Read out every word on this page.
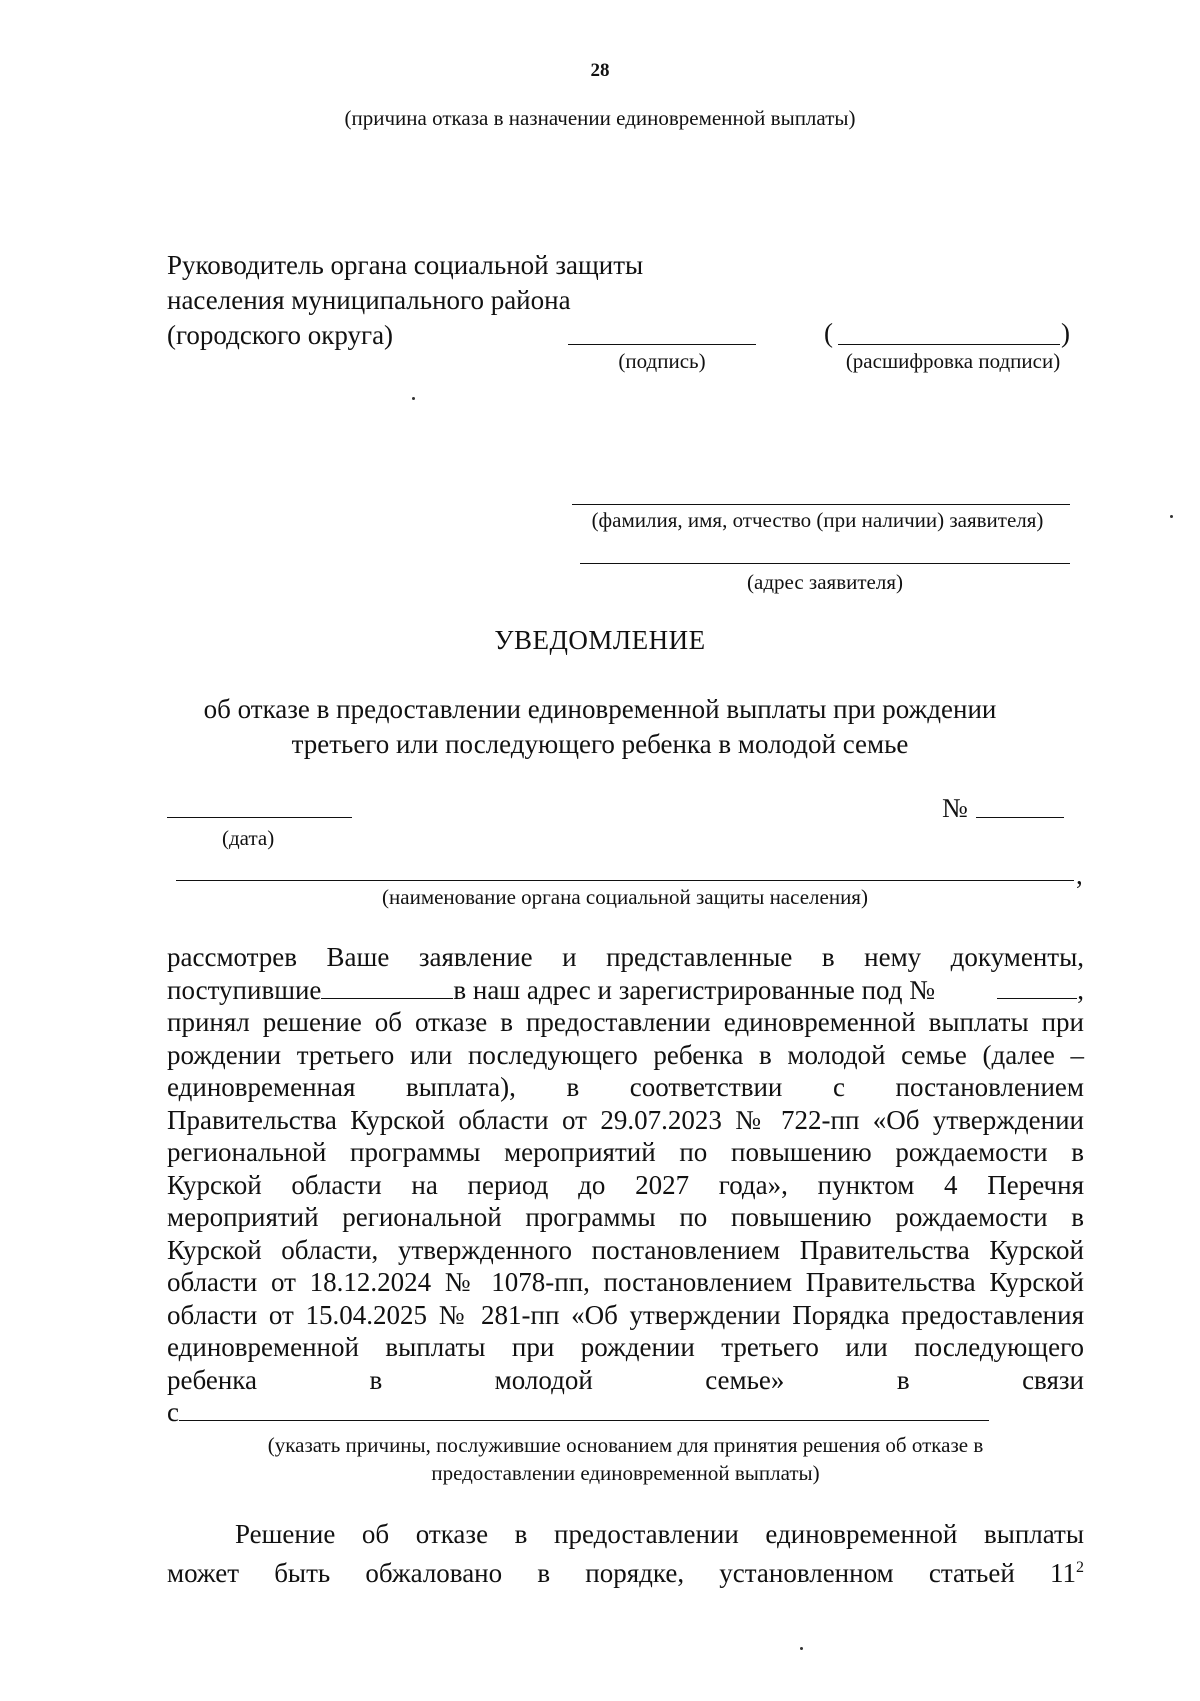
28
(причина отказа в назначении единовременной выплаты)
Руководитель органа социальной защиты
населения муниципального района
(городского округа)
(подпись)
(	)
(расшифровка подписи)
(фамилия, имя, отчество (при наличии) заявителя)
(адрес заявителя)
УВЕДОМЛЕНИЕ
об отказе в предоставлении единовременной выплаты при рождении
третьего или последующего ребенка в молодой семье
(дата)
№
,
(наименование органа социальной защиты населения)

рассмотрев Ваше заявление и представленные в нему документы,

поступившие	в наш адрес и зарегистрированные под №	,

принял решение об отказе в предоставлении единовременной выплаты при

рождении третьего или последующего ребенка в молодой семье (далее –

единовременная выплата), в соответствии с постановлением

Правительства Курской области от 29.07.2023 № 722-пп «Об утверждении

региональной программы мероприятий по повышению рождаемости в

Курской области на период до 2027 года», пунктом 4 Перечня

мероприятий региональной программы по повышению рождаемости в

Курской области, утвержденного постановлением Правительства Курской

области от 18.12.2024 № 1078-пп, постановлением Правительства Курской

области от 15.04.2025 № 281-пп «Об утверждении Порядка предоставления

единовременной выплаты при рождении третьего или последующего

ребенка в молодой семье» в связи

с
(указать причины, послужившие основанием для принятия решения об отказе в
предоставлении единовременной выплаты)
Решение об отказе в предоставлении единовременной выплаты
может быть обжаловано в порядке, установленном статьей $11^2$
